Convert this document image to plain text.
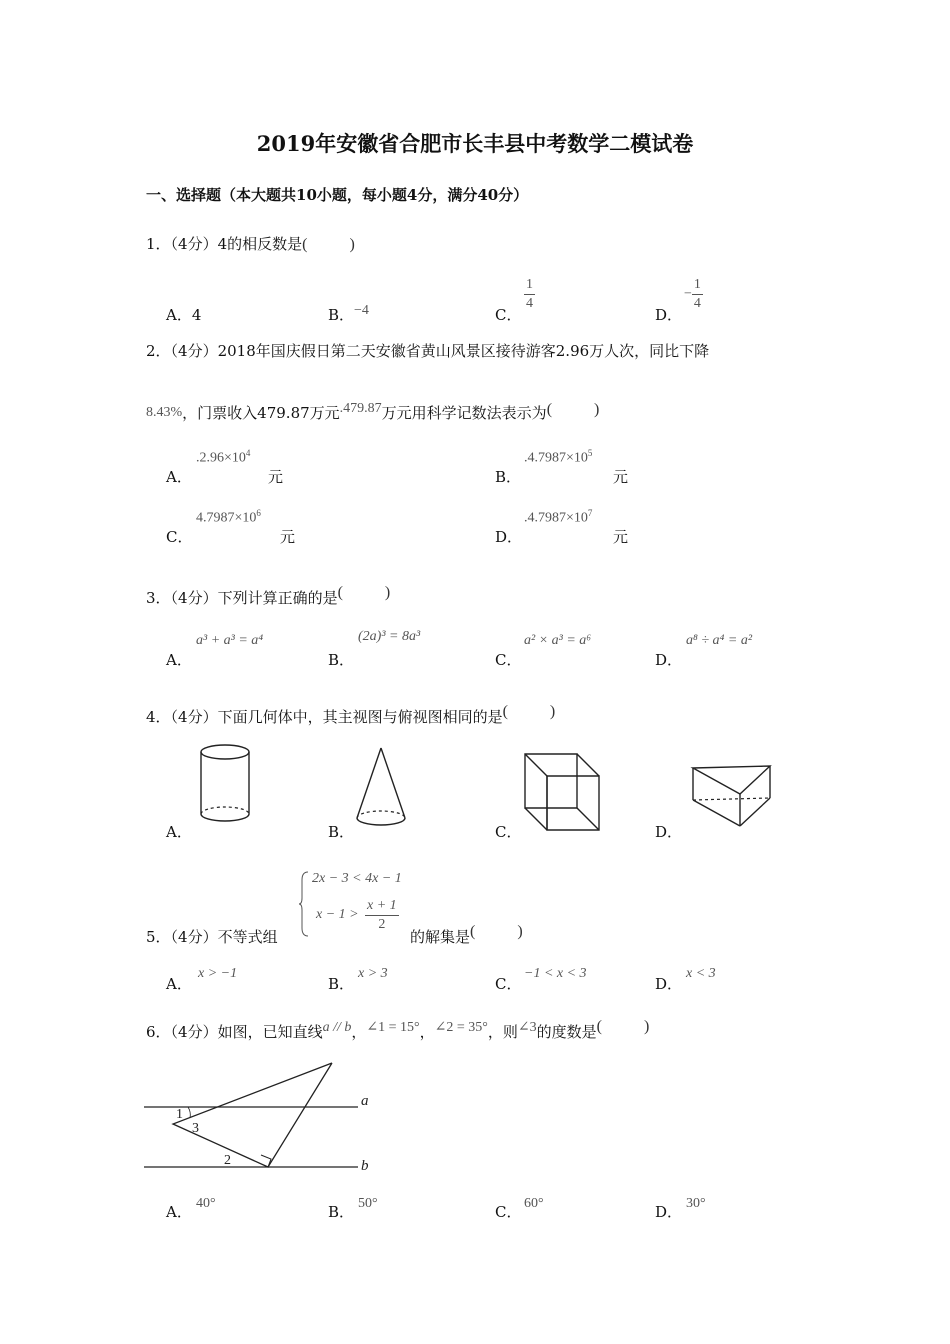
2019年安徽省合肥市长丰县中考数学二模试卷
一、选择题（本大题共10小题，每小题4分，满分40分）
1．（4分）4的相反数是(	)
A．4	B．−4	C．
$\frac{1}{4}$
D．
− $\frac{1}{4}$
2．（4分）2018年国庆假日第二天安徽省黄山风景区接待游客2.96万人次，同比下降
8.43%，门票收入479.87万元.479.87万元用科学记数法表示为(	)
A．
$.2.96\times 10^4$
元	B．
$.4.7987\times 10^5$
元
C．
$4.7987\times 10^6$
元	D．
$.4.7987\times 10^7$
元
3．（4分）下列计算正确的是(	)
A．
a³ + a³ = a⁴
B．
(2a)³ = 8a³
C．
a² × a³ = a⁶
D．
a⁸ ÷ a⁴ = a²
4．（4分）下面几何体中，其主视图与俯视图相同的是(	)
A．	B．	C．	D．
5．（4分）不等式组
2x − 3 < 4x − 1
$x - 1 > \frac{x + 1}{2}$
的解集是(	)
A．
x > −1
B．
x > 3
C．
−1 < x < 3
D．
x < 3
6．（4分）如图，已知直线a // b，∠1 = 15°，∠2 = 35°，则∠3的度数是(	)
a
b
1
3
2
A． 40°	B． 50°	C． 60°	D． 30°
